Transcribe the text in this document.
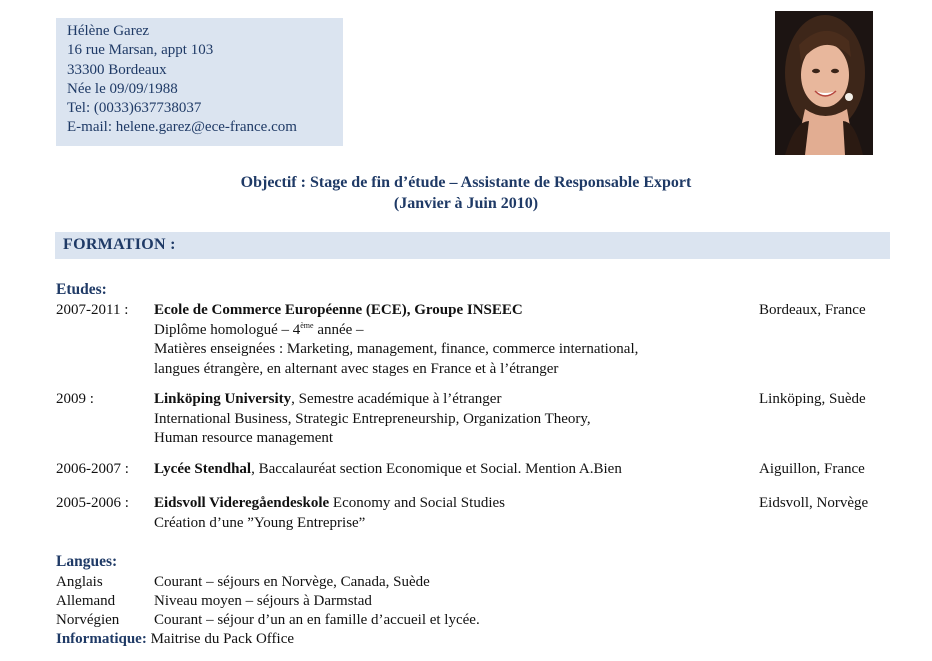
Hélène Garez
16 rue Marsan, appt 103
33300 Bordeaux
Née le 09/09/1988
Tel: (0033)637738037
E-mail: helene.garez@ece-france.com
Objectif : Stage de fin d’étude – Assistante de Responsable Export
(Janvier à Juin 2010)
FORMATION :
Etudes:
2007-2011 : Ecole de Commerce Européenne (ECE), Groupe INSEEC
Diplôme homologué – 4ème année –
Matières enseignées : Marketing, management, finance, commerce international,
langues étrangère, en alternant avec stages en France et à l’étranger
Bordeaux, France
2009 :	Linköping University, Semestre académique à l’étranger
International Business, Strategic Entrepreneurship, Organization Theory,
Human resource management
Linköping, Suède
2006-2007 : Lycée Stendhal, Baccalauréat section Economique et Social. Mention A.Bien	Aiguillon, France
2005-2006 : Eidsvoll Videregåendeskole Economy and Social Studies
Création d’une ”Young Entreprise”
Eidsvoll, Norvège
Langues:
Anglais	Courant – séjours en Norvège, Canada, Suède
Allemand	Niveau moyen – séjours à Darmstad
Norvégien Courant – séjour d’un an en famille d’accueil et lycée.
Informatique: Maitrise du Pack Office
